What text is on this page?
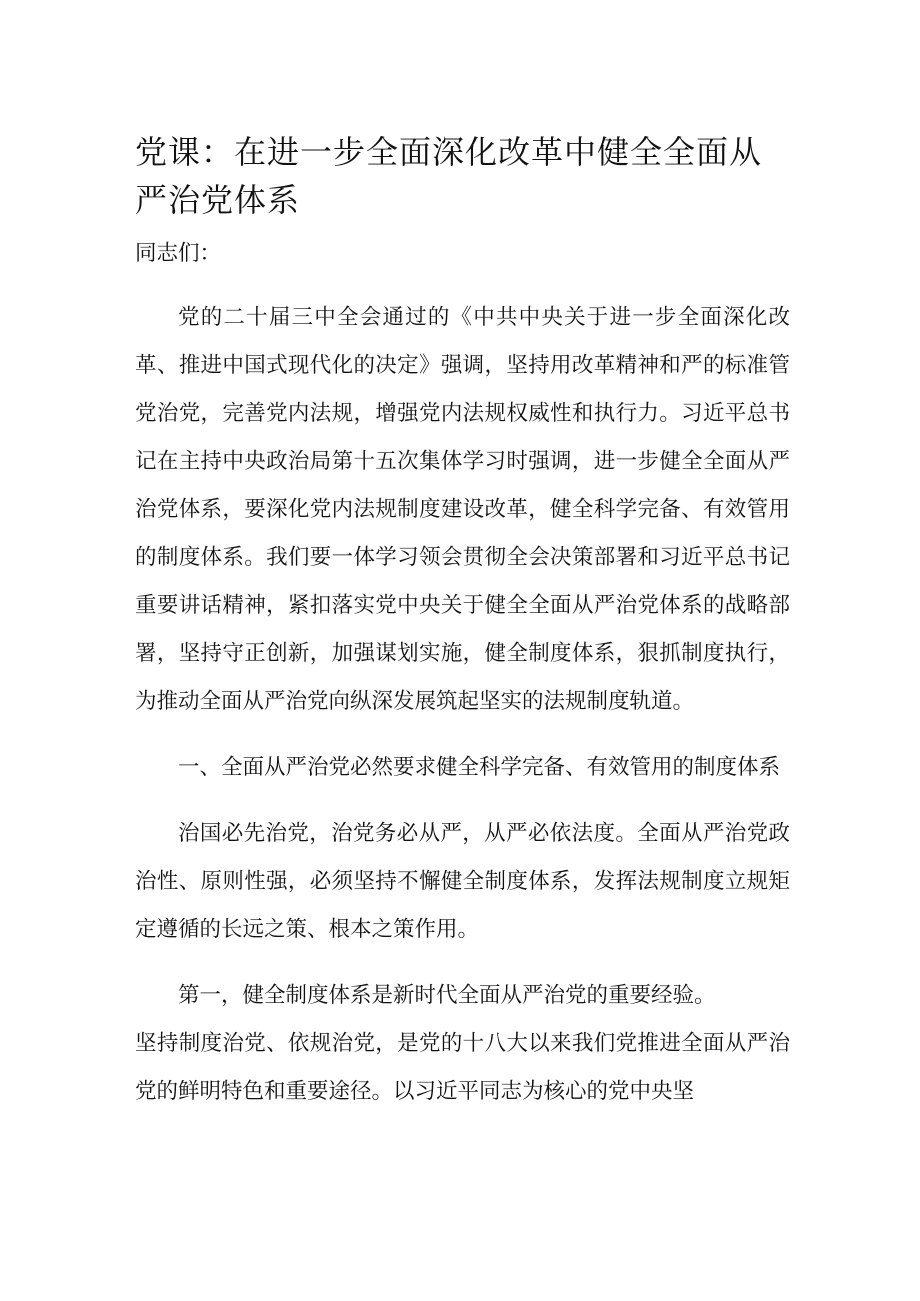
党课：在进一步全面深化改革中健全全面从严治党体系

同志们：

党的二十届三中全会通过的《中共中央关于进一步全面深化改革、推进中国式现代化的决定》强调，坚持用改革精神和严的标准管党治党，完善党内法规，增强党内法规权威性和执行力。习近平总书记在主持中央政治局第十五次集体学习时强调，进一步健全全面从严治党体系，要深化党内法规制度建设改革，健全科学完备、有效管用的制度体系。我们要一体学习领会贯彻全会决策部署和习近平总书记重要讲话精神，紧扣落实党中央关于健全全面从严治党体系的战略部署，坚持守正创新，加强谋划实施，健全制度体系，狠抓制度执行，为推动全面从严治党向纵深发展筑起坚实的法规制度轨道。

一、全面从严治党必然要求健全科学完备、有效管用的制度体系

治国必先治党，治党务必从严，从严必依法度。全面从严治党政治性、原则性强，必须坚持不懈健全制度体系，发挥法规制度立规矩定遵循的长远之策、根本之策作用。

第一，健全制度体系是新时代全面从严治党的重要经验。

坚持制度治党、依规治党，是党的十八大以来我们党推进全面从严治党的鲜明特色和重要途径。以习近平同志为核心的党中央坚
